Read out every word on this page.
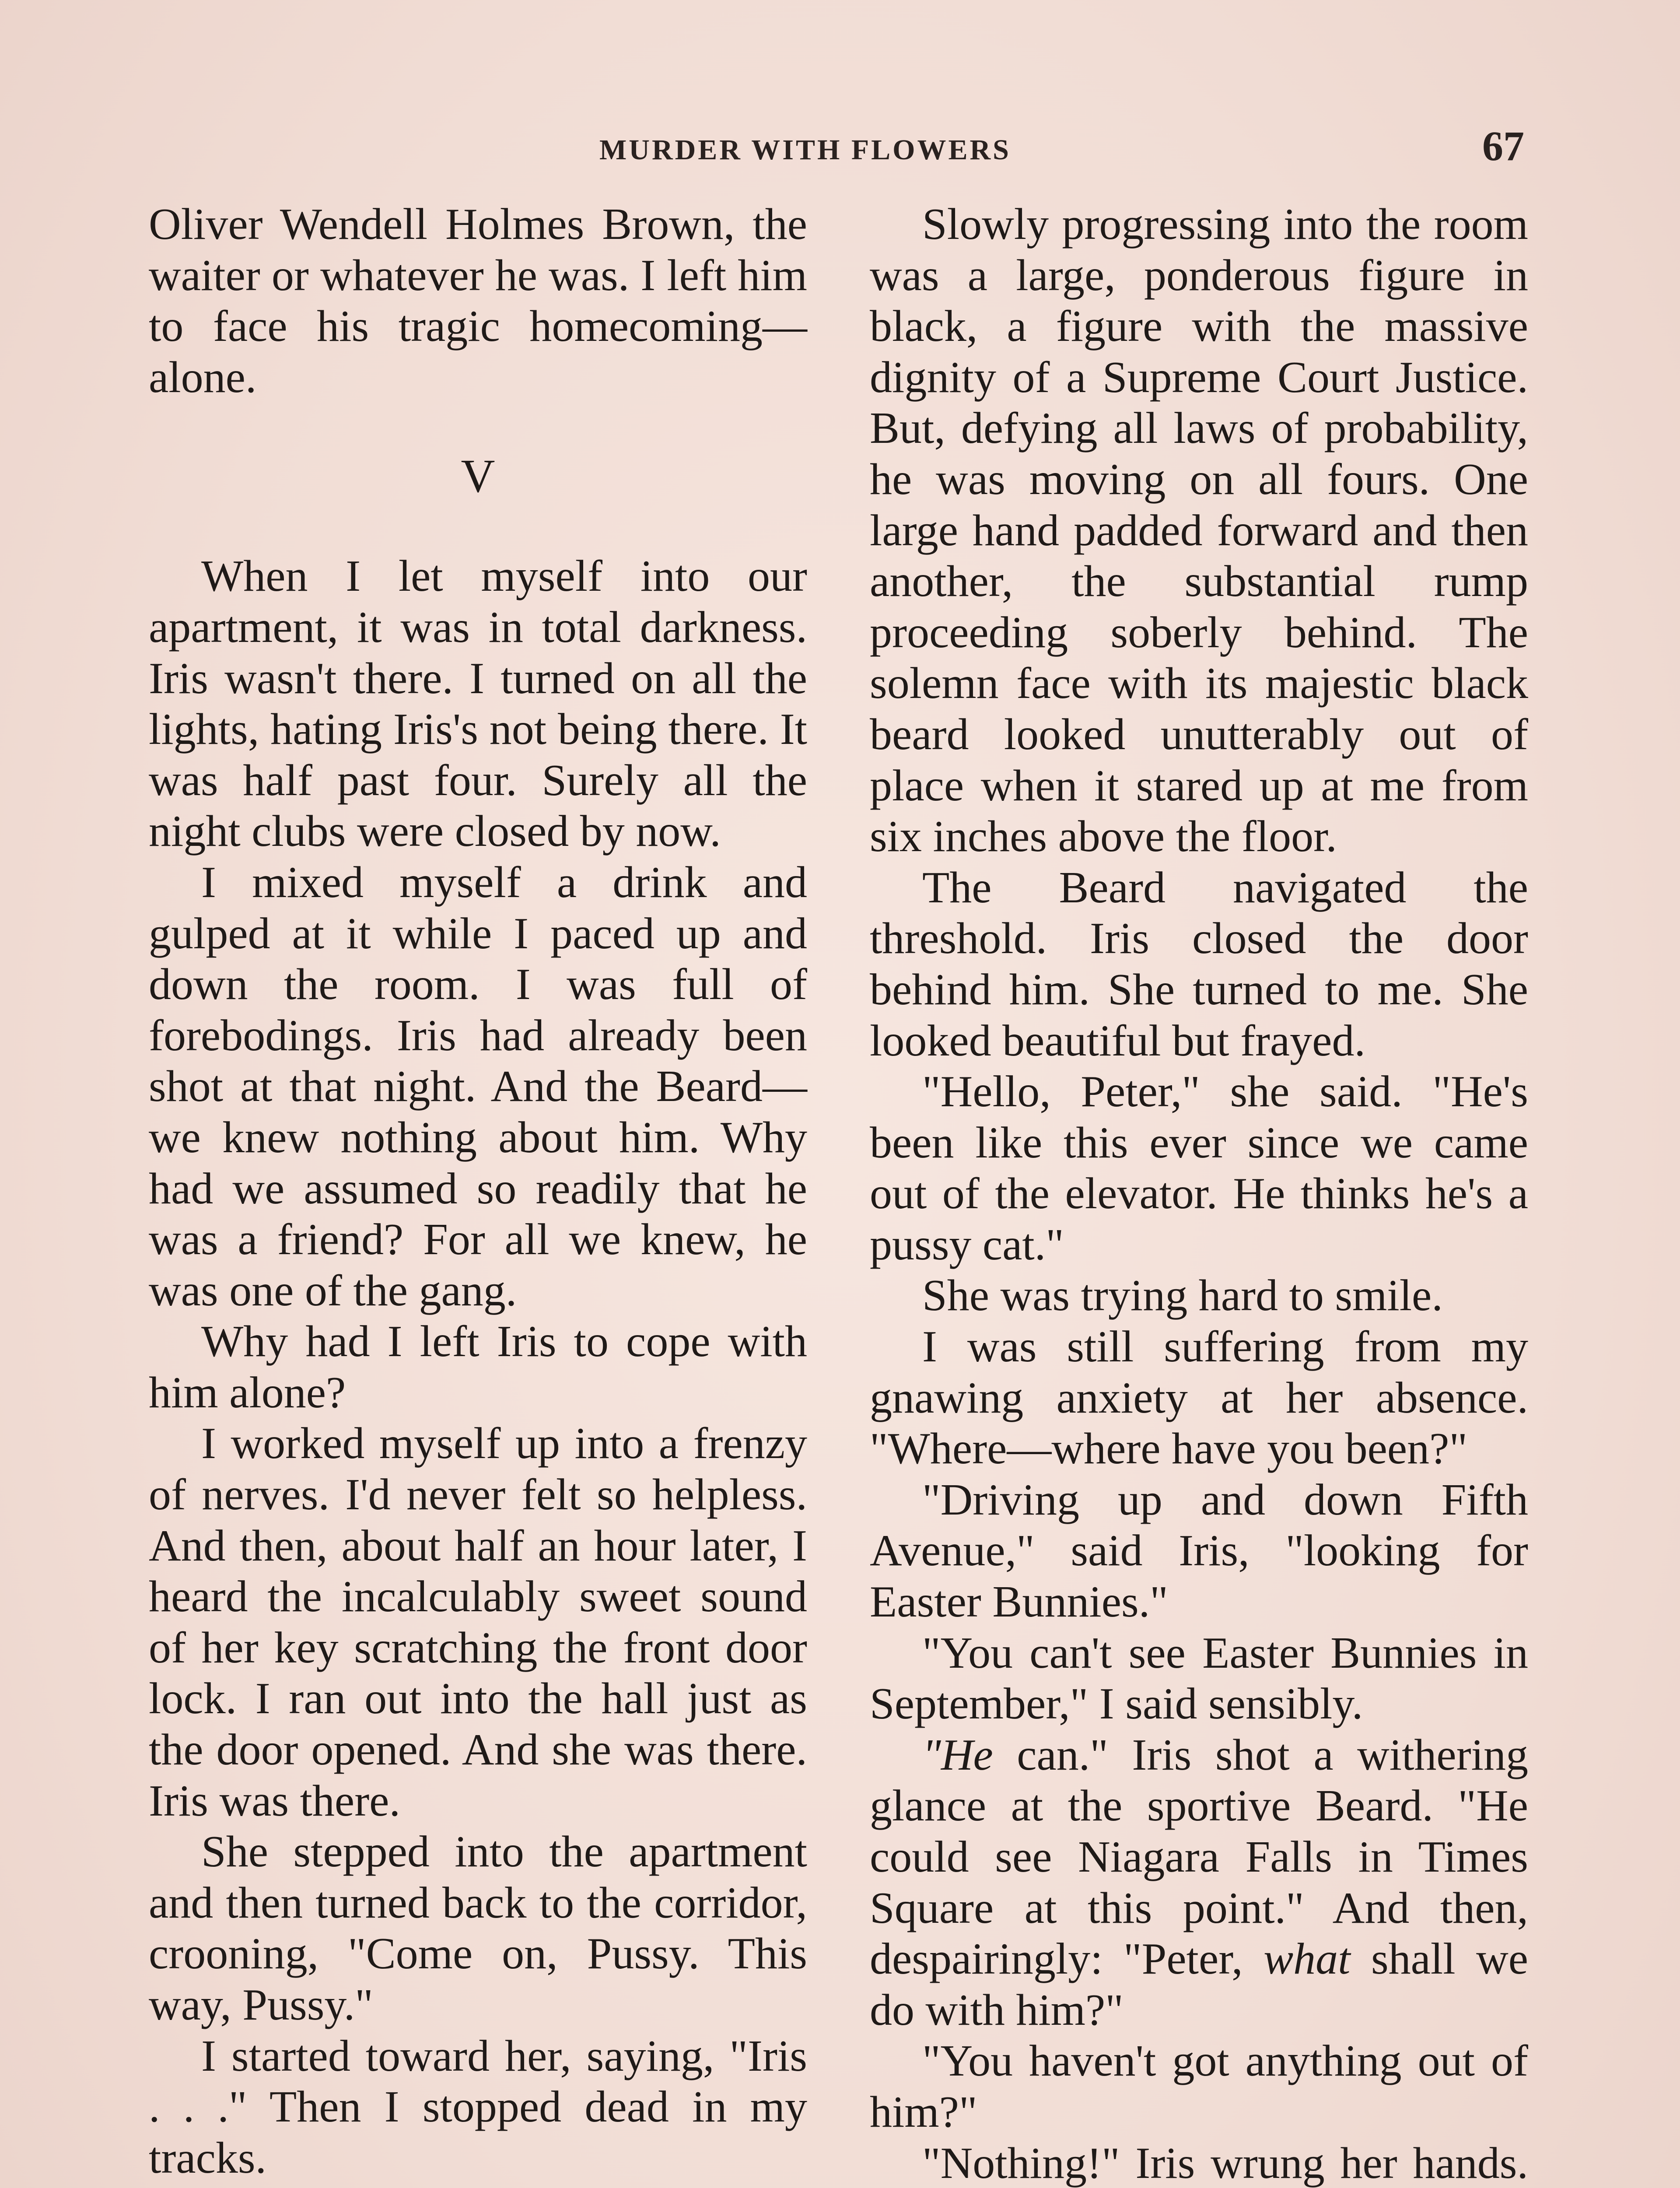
MURDER WITH FLOWERS	67

Oliver Wendell Holmes Brown, the waiter or whatever he was. I left him to face his tragic homecoming—alone.

V

When I let myself into our apartment, it was in total darkness. Iris wasn't there. I turned on all the lights, hating Iris's not being there. It was half past four. Surely all the night clubs were closed by now.

I mixed myself a drink and gulped at it while I paced up and down the room. I was full of forebodings. Iris had already been shot at that night. And the Beard—we knew nothing about him. Why had we assumed so readily that he was a friend? For all we knew, he was one of the gang.

Why had I left Iris to cope with him alone?

I worked myself up into a frenzy of nerves. I'd never felt so helpless. And then, about half an hour later, I heard the incalculably sweet sound of her key scratching the front door lock. I ran out into the hall just as the door opened. And she was there. Iris was there.

She stepped into the apartment and then turned back to the corridor, crooning, "Come on, Pussy. This way, Pussy."

I started toward her, saying, "Iris . . ." Then I stopped dead in my tracks.

Slowly progressing into the room was a large, ponderous figure in black, a figure with the massive dignity of a Supreme Court Justice. But, defying all laws of probability, he was moving on all fours. One large hand padded forward and then another, the substantial rump proceeding soberly behind. The solemn face with its majestic black beard looked unutterably out of place when it stared up at me from six inches above the floor.

The Beard navigated the threshold. Iris closed the door behind him. She turned to me. She looked beautiful but frayed.

"Hello, Peter," she said. "He's been like this ever since we came out of the elevator. He thinks he's a pussy cat."

She was trying hard to smile.

I was still suffering from my gnawing anxiety at her absence. "Where—where have you been?"

"Driving up and down Fifth Avenue," said Iris, "looking for Easter Bunnies."

"You can't see Easter Bunnies in September," I said sensibly.

"He can." Iris shot a withering glance at the sportive Beard. "He could see Niagara Falls in Times Square at this point." And then, despairingly: "Peter, what shall we do with him?"

"You haven't got anything out of him?"

"Nothing!" Iris wrung her hands.
